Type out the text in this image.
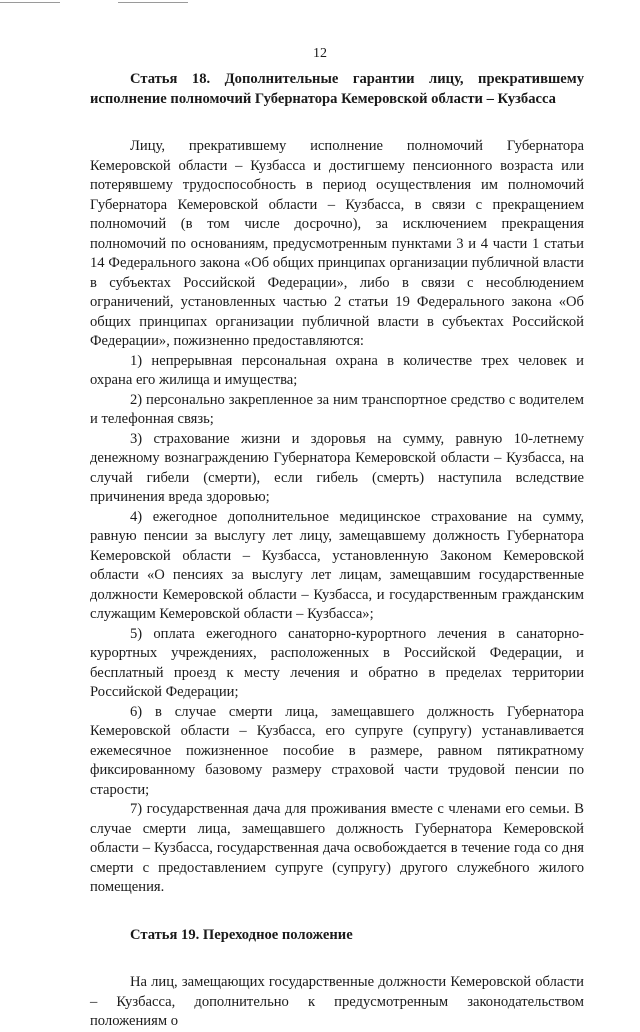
12

Статья 18. Дополнительные гарантии лицу, прекратившему исполнение полномочий Губернатора Кемеровской области – Кузбасса

Лицу, прекратившему исполнение полномочий Губернатора Кемеровской области – Кузбасса и достигшему пенсионного возраста или потерявшему трудоспособность в период осуществления им полномочий Губернатора Кемеровской области – Кузбасса, в связи с прекращением полномочий (в том числе досрочно), за исключением прекращения полномочий по основаниям, предусмотренным пунктами 3 и 4 части 1 статьи 14 Федерального закона «Об общих принципах организации публичной власти в субъектах Российской Федерации», либо в связи с несоблюдением ограничений, установленных частью 2 статьи 19 Федерального закона «Об общих принципах организации публичной власти в субъектах Российской Федерации», пожизненно предоставляются:

1) непрерывная персональная охрана в количестве трех человек и охрана его жилища и имущества;

2) персонально закрепленное за ним транспортное средство с водителем и телефонная связь;

3) страхование жизни и здоровья на сумму, равную 10-летнему денежному вознаграждению Губернатора Кемеровской области – Кузбасса, на случай гибели (смерти), если гибель (смерть) наступила вследствие причинения вреда здоровью;

4) ежегодное дополнительное медицинское страхование на сумму, равную пенсии за выслугу лет лицу, замещавшему должность Губернатора Кемеровской области – Кузбасса, установленную Законом Кемеровской области «О пенсиях за выслугу лет лицам, замещавшим государственные должности Кемеровской области – Кузбасса, и государственным гражданским служащим Кемеровской области – Кузбасса»;

5) оплата ежегодного санаторно-курортного лечения в санаторно-курортных учреждениях, расположенных в Российской Федерации, и бесплатный проезд к месту лечения и обратно в пределах территории Российской Федерации;

6) в случае смерти лица, замещавшего должность Губернатора Кемеровской области – Кузбасса, его супруге (супругу) устанавливается ежемесячное пожизненное пособие в размере, равном пятикратному фиксированному базовому размеру страховой части трудовой пенсии по старости;

7) государственная дача для проживания вместе с членами его семьи. В случае смерти лица, замещавшего должность Губернатора Кемеровской области – Кузбасса, государственная дача освобождается в течение года со дня смерти с предоставлением супруге (супругу) другого служебного жилого помещения.

Статья 19. Переходное положение

На лиц, замещающих государственные должности Кемеровской области – Кузбасса, дополнительно к предусмотренным законодательством положениям о
